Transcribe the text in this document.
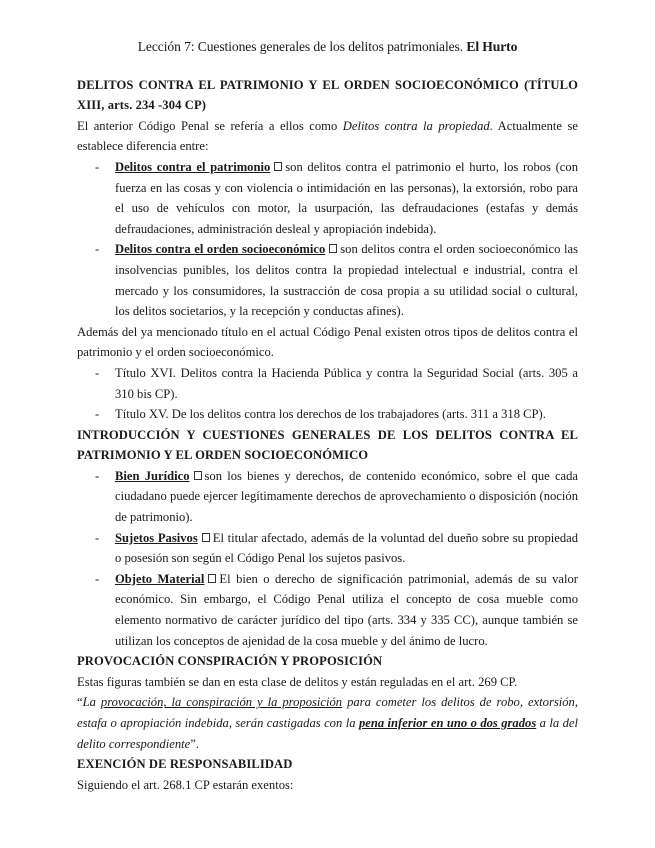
Lección 7: Cuestiones generales de los delitos patrimoniales. El Hurto

DELITOS CONTRA EL PATRIMONIO Y EL ORDEN SOCIOECONÓMICO (TÍTULO XIII, arts. 234 -304 CP)

El anterior Código Penal se refería a ellos como Delitos contra la propiedad. Actualmente se establece diferencia entre:

- Delitos contra el patrimonio son delitos contra el patrimonio el hurto, los robos (con fuerza en las cosas y con violencia o intimidación en las personas), la extorsión, robo para el uso de vehículos con motor, la usurpación, las defraudaciones (estafas y demás defraudaciones, administración desleal y apropiación indebida).
- Delitos contra el orden socioeconómico son delitos contra el orden socioeconómico las insolvencias punibles, los delitos contra la propiedad intelectual e industrial, contra el mercado y los consumidores, la sustracción de cosa propia a su utilidad social o cultural, los delitos societarios, y la recepción y conductas afines).

Además del ya mencionado título en el actual Código Penal existen otros tipos de delitos contra el patrimonio y el orden socioeconómico.

- Título XVI. Delitos contra la Hacienda Pública y contra la Seguridad Social (arts. 305 a 310 bis CP).
- Título XV. De los delitos contra los derechos de los trabajadores (arts. 311 a 318 CP).

INTRODUCCIÓN Y CUESTIONES GENERALES DE LOS DELITOS CONTRA EL PATRIMONIO Y EL ORDEN SOCIOECONÓMICO

- Bien Jurídico son los bienes y derechos, de contenido económico, sobre el que cada ciudadano puede ejercer legítimamente derechos de aprovechamiento o disposición (noción de patrimonio).
- Sujetos Pasivos El titular afectado, además de la voluntad del dueño sobre su propiedad o posesión son según el Código Penal los sujetos pasivos.
- Objeto Material El bien o derecho de significación patrimonial, además de su valor económico. Sin embargo, el Código Penal utiliza el concepto de cosa mueble como elemento normativo de carácter jurídico del tipo (arts. 334 y 335 CC), aunque también se utilizan los conceptos de ajenidad de la cosa mueble y del ánimo de lucro.

PROVOCACIÓN CONSPIRACIÓN Y PROPOSICIÓN

Estas figuras también se dan en esta clase de delitos y están reguladas en el art. 269 CP.

“La provocación, la conspiración y la proposición para cometer los delitos de robo, extorsión, estafa o apropiación indebida, serán castigadas con la pena inferior en uno o dos grados a la del delito correspondiente”.

EXENCIÓN DE RESPONSABILIDAD

Siguiendo el art. 268.1 CP estarán exentos:
